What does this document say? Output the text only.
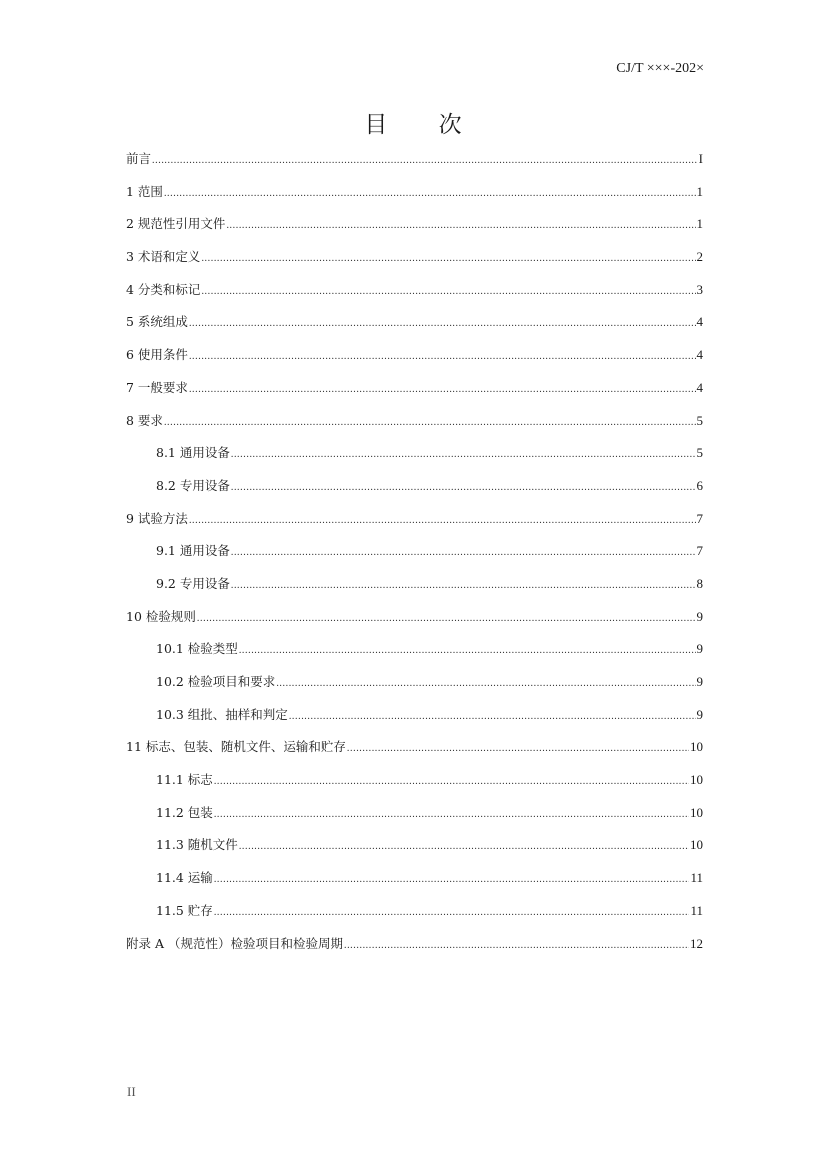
CJ/T ×××-202×
目 次
前言 .....	I
1 范围 .....	1
2 规范性引用文件 .....	1
3 术语和定义 .....	2
4 分类和标记 .....	3
5 系统组成 .....	4
6 使用条件 .....	4
7 一般要求 .....	4
8 要求 .....	5
8.1 通用设备 .....	5
8.2 专用设备 .....	6
9 试验方法 .....	7
9.1 通用设备 .....	7
9.2 专用设备 .....	8
10 检验规则 .....	9
10.1 检验类型 .....	9
10.2 检验项目和要求 .....	9
10.3 组批、抽样和判定 .....	9
11 标志、包装、随机文件、运输和贮存 .....	10
11.1 标志 .....	10
11.2 包装 .....	10
11.3 随机文件 .....	10
11.4 运输 .....	11
11.5 贮存 .....	11
附录 A （规范性）检验项目和检验周期 .....	12
II
